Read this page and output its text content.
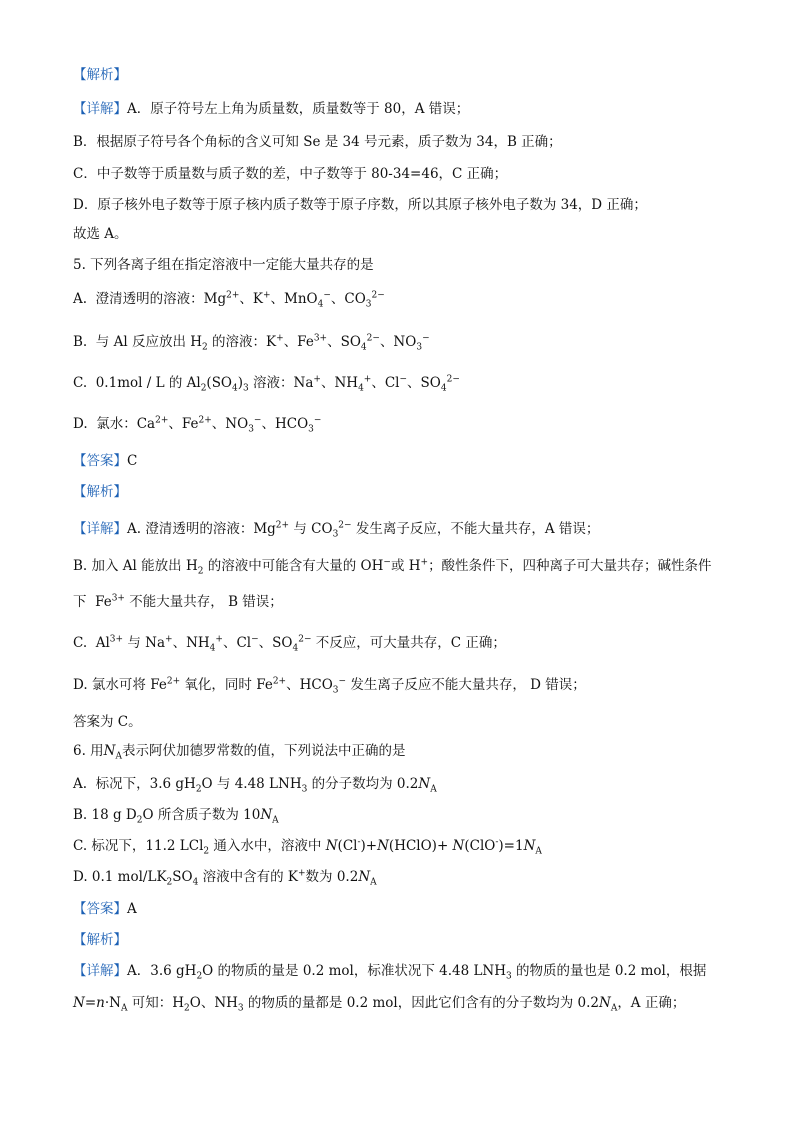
【解析】
【详解】A．原子符号左上角为质量数，质量数等于 80，A 错误；
B．根据原子符号各个角标的含义可知 Se 是 34 号元素，质子数为 34，B 正确；
C．中子数等于质量数与质子数的差，中子数等于 80-34=46，C 正确；
D．原子核外电子数等于原子核内质子数等于原子序数，所以其原子核外电子数为 34，D 正确；
故选 A。
5. 下列各离子组在指定溶液中一定能大量共存的是
A.  澄清透明的溶液：$Mg^{2+}$、K+、MnO$_4$−、$CO_3^{2-}$
B.  与 Al 反应放出 $H_2$ 的溶液：K+、$Fe^{3+}$、$SO_4^{2-}$、$NO_3^-$
C.  0.1mol / L 的 $Al_2(SO_4)_3$ 溶液：Na+、$NH_4^+$、Cl−、$SO_4^{2-}$
D.  氯水：$Ca^{2+}$、$Fe^{2+}$、$NO_3^-$、$HCO_3^-$
【答案】C
【解析】
【详解】A. 澄清透明的溶液：$Mg^{2+}$ 与 $CO_3^{2-}$ 发生离子反应，不能大量共存，A 错误；
B. 加入 Al 能放出 $H_2$ 的溶液中可能含有大量的 OH−或 H+；酸性条件下，四种离子可大量共存；碱性条件
下  $Fe^{3+}$ 不能大量共存， B 错误；
C.  $Al^{3+}$ 与 Na+、$NH_4^+$、Cl−、$SO_4^{2-}$ 不反应，可大量共存，C 正确；
D. 氯水可将 $Fe^{2+}$ 氧化，同时 $Fe^{2+}$、$HCO_3^-$ 发生离子反应不能大量共存， D 错误；
答案为 C。
6. 用$N_A$表示阿伏加德罗常数的值，下列说法中正确的是
A.  标况下，3.6 $gH_2O$ 与 4.48 $LNH_3$ 的分子数均为 $0.2N_A$
B. 18 g $D_2O$ 所含质子数为 $10N_A$
C. 标况下，11.2 LCl$_2$ 通入水中，溶液中 N(Cl-)+N(HClO)+ $N(ClO^-)=1N_A$
D. 0.1 mol/$LK_2SO_4$ 溶液中含有的 K+数为 $0.2N_A$
【答案】A
【解析】
【详解】A．3.6 $gH_2O$ 的物质的量是 0.2 mol，标准状况下 4.48 $LNH_3$ 的物质的量也是 0.2 mol，根据
$N=n\cdot N_A$ 可知：$H_2O$、$NH_3$ 的物质的量都是 0.2 mol，因此它们含有的分子数均为 $0.2N_A$，A 正确；
